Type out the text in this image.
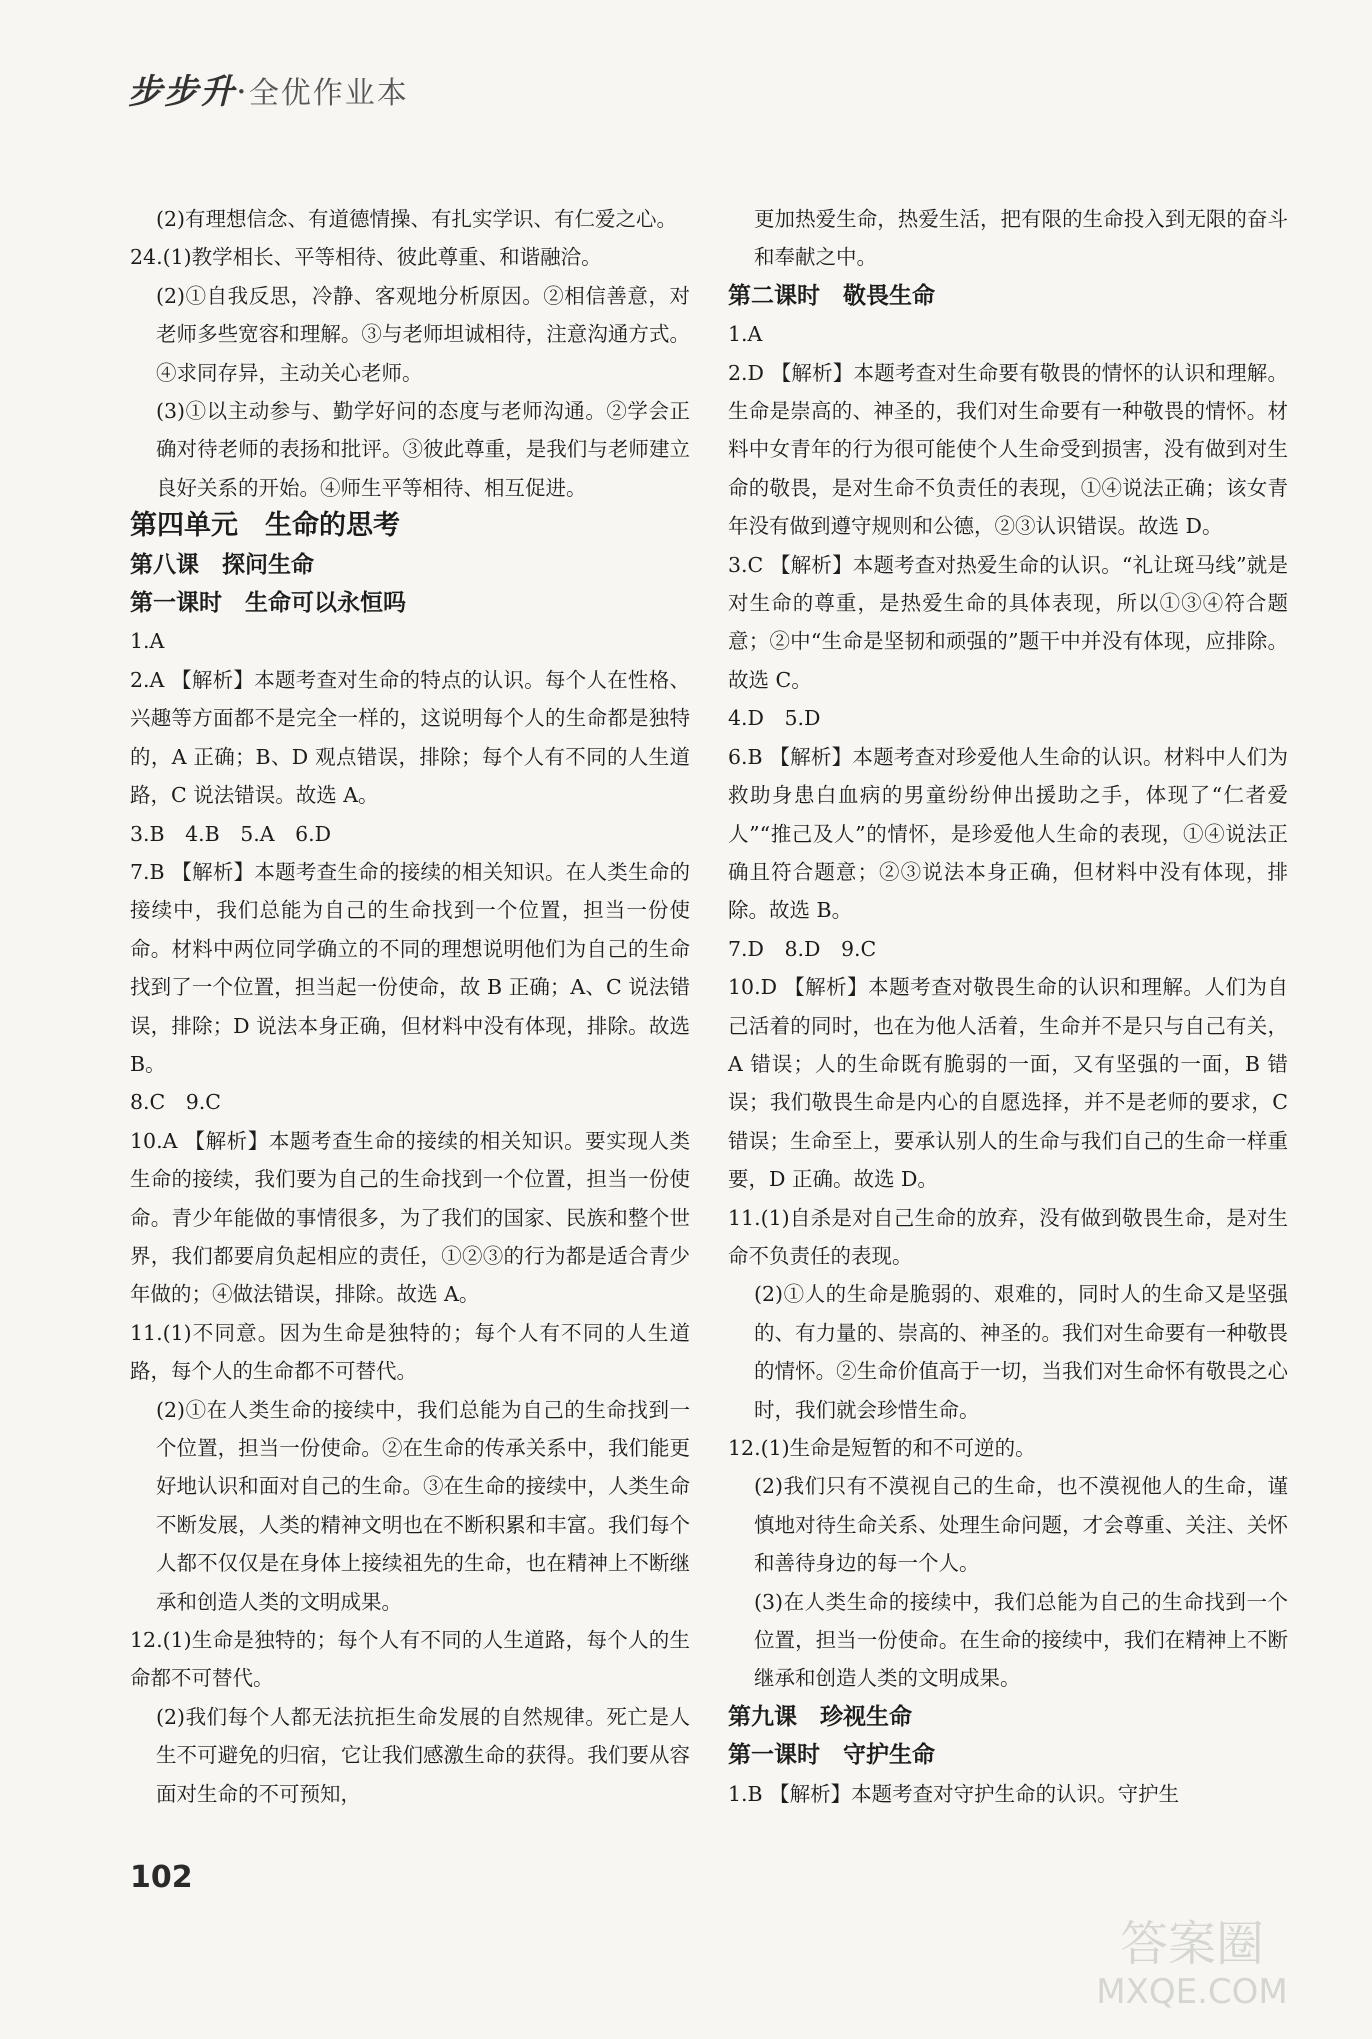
步步升·全优作业本

(2)有理想信念、有道德情操、有扎实学识、有仁爱之心。

24.(1)教学相长、平等相待、彼此尊重、和谐融洽。

(2)①自我反思，冷静、客观地分析原因。②相信善意，对老师多些宽容和理解。③与老师坦诚相待，注意沟通方式。④求同存异，主动关心老师。

(3)①以主动参与、勤学好问的态度与老师沟通。②学会正确对待老师的表扬和批评。③彼此尊重，是我们与老师建立良好关系的开始。④师生平等相待、相互促进。

第四单元　生命的思考

第八课　探问生命

第一课时　生命可以永恒吗

1.A

2.A 【解析】本题考查对生命的特点的认识。每个人在性格、兴趣等方面都不是完全一样的，这说明每个人的生命都是独特的，A 正确；B、D 观点错误，排除；每个人有不同的人生道路，C 说法错误。故选 A。

3.B　4.B　5.A　6.D

7.B 【解析】本题考查生命的接续的相关知识。在人类生命的接续中，我们总能为自己的生命找到一个位置，担当一份使命。材料中两位同学确立的不同的理想说明他们为自己的生命找到了一个位置，担当起一份使命，故 B 正确；A、C 说法错误，排除；D 说法本身正确，但材料中没有体现，排除。故选 B。

8.C　9.C

10.A 【解析】本题考查生命的接续的相关知识。要实现人类生命的接续，我们要为自己的生命找到一个位置，担当一份使命。青少年能做的事情很多，为了我们的国家、民族和整个世界，我们都要肩负起相应的责任，①②③的行为都是适合青少年做的；④做法错误，排除。故选 A。

11.(1)不同意。因为生命是独特的；每个人有不同的人生道路，每个人的生命都不可替代。

(2)①在人类生命的接续中，我们总能为自己的生命找到一个位置，担当一份使命。②在生命的传承关系中，我们能更好地认识和面对自己的生命。③在生命的接续中，人类生命不断发展，人类的精神文明也在不断积累和丰富。我们每个人都不仅仅是在身体上接续祖先的生命，也在精神上不断继承和创造人类的文明成果。

12.(1)生命是独特的；每个人有不同的人生道路，每个人的生命都不可替代。

(2)我们每个人都无法抗拒生命发展的自然规律。死亡是人生不可避免的归宿，它让我们感激生命的获得。我们要从容面对生命的不可预知，

更加热爱生命，热爱生活，把有限的生命投入到无限的奋斗和奉献之中。

第二课时　敬畏生命

1.A

2.D 【解析】本题考查对生命要有敬畏的情怀的认识和理解。生命是崇高的、神圣的，我们对生命要有一种敬畏的情怀。材料中女青年的行为很可能使个人生命受到损害，没有做到对生命的敬畏，是对生命不负责任的表现，①④说法正确；该女青年没有做到遵守规则和公德，②③认识错误。故选 D。

3.C 【解析】本题考查对热爱生命的认识。“礼让斑马线”就是对生命的尊重，是热爱生命的具体表现，所以①③④符合题意；②中“生命是坚韧和顽强的”题干中并没有体现，应排除。故选 C。

4.D　5.D

6.B 【解析】本题考查对珍爱他人生命的认识。材料中人们为救助身患白血病的男童纷纷伸出援助之手，体现了“仁者爱人”“推己及人”的情怀，是珍爱他人生命的表现，①④说法正确且符合题意；②③说法本身正确，但材料中没有体现，排除。故选 B。

7.D　8.D　9.C

10.D 【解析】本题考查对敬畏生命的认识和理解。人们为自己活着的同时，也在为他人活着，生命并不是只与自己有关，A 错误；人的生命既有脆弱的一面，又有坚强的一面，B 错误；我们敬畏生命是内心的自愿选择，并不是老师的要求，C 错误；生命至上，要承认别人的生命与我们自己的生命一样重要，D 正确。故选 D。

11.(1)自杀是对自己生命的放弃，没有做到敬畏生命，是对生命不负责任的表现。

(2)①人的生命是脆弱的、艰难的，同时人的生命又是坚强的、有力量的、崇高的、神圣的。我们对生命要有一种敬畏的情怀。②生命价值高于一切，当我们对生命怀有敬畏之心时，我们就会珍惜生命。

12.(1)生命是短暂的和不可逆的。

(2)我们只有不漠视自己的生命，也不漠视他人的生命，谨慎地对待生命关系、处理生命问题，才会尊重、关注、关怀和善待身边的每一个人。

(3)在人类生命的接续中，我们总能为自己的生命找到一个位置，担当一份使命。在生命的接续中，我们在精神上不断继承和创造人类的文明成果。

第九课　珍视生命

第一课时　守护生命

1.B 【解析】本题考查对守护生命的认识。守护生

102
答案圈
MXQE.COM
